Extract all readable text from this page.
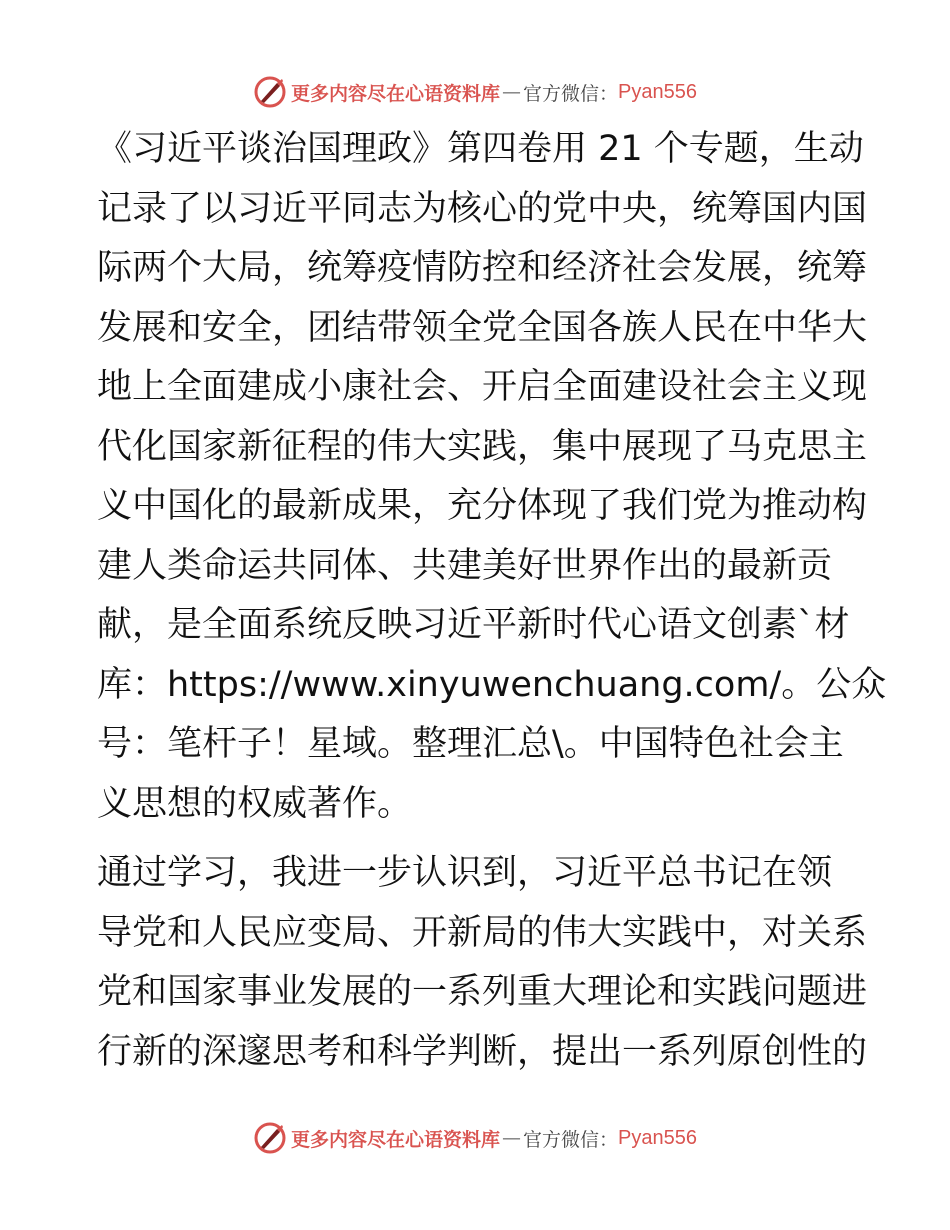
更多内容尽在心语资料库 — 官方微信： Pyan556

《习近平谈治国理政》第四卷用 21 个专题，生动
记录了以习近平同志为核心的党中央，统筹国内国
际两个大局，统筹疫情防控和经济社会发展，统筹
发展和安全，团结带领全党全国各族人民在中华大
地上全面建成小康社会、开启全面建设社会主义现
代化国家新征程的伟大实践，集中展现了马克思主
义中国化的最新成果，充分体现了我们党为推动构
建人类命运共同体、共建美好世界作出的最新贡
献，是全面系统反映习近平新时代心语文创素`材
库：https://www.xinyuwenchuang.com/。公众
号：笔杆子！星域。整理汇总\。中国特色社会主
义思想的权威著作。

通过学习，我进一步认识到，习近平总书记在领
导党和人民应变局、开新局的伟大实践中，对关系
党和国家事业发展的一系列重大理论和实践问题进
行新的深邃思考和科学判断，提出一系列原创性的

更多内容尽在心语资料库 — 官方微信： Pyan556
